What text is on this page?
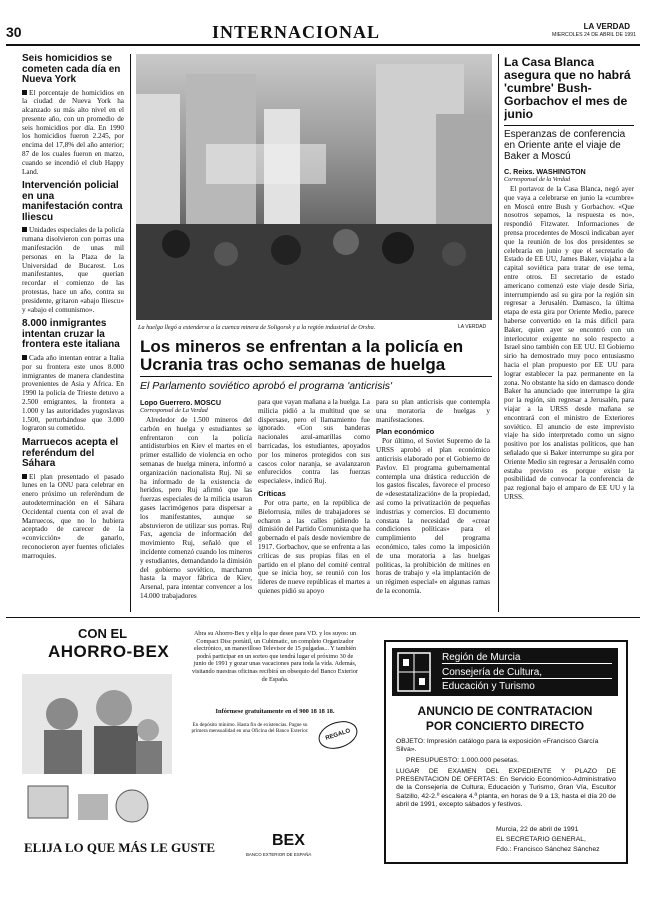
30	INTERNACIONAL	LA VERDAD
MIERCOLES 24 DE ABRIL DE 1991
Seis homicidios se cometen cada día en Nueva York

El porcentaje de homicidios en la ciudad de Nueva York ha alcanzado su más alto nivel en el presente año, con un promedio de seis homicidios por día. En 1990 los homicidios fueron 2.245, por encima del 17,8% del año anterior; 87 de los cuales fueron en marzo, cuando se incendió el club Happy Land.

Intervención policial en una manifestación contra Iliescu

Unidades especiales de la policía rumana disolvieron con porras una manifestación de unas mil personas en la Plaza de la Universidad de Bucarest. Los manifestantes, que querían recordar el comienzo de las protestas, hace un año, contra su presidente, gritaron «abajo Iliescu» y «abajo el comunismo».

8.000 inmigrantes intentan cruzar la frontera este italiana

Cada año intentan entrar a Italia por su frontera este unos 8.000 inmigrantes de manera clandestina provenientes de Asia y Africa. En 1990 la policía de Trieste detuvo a 2.500 emigrantes, la frontera a 1.000 y las autoridades yugoslavas 1.500, perturbándose que 3.000 lograron su cometido.

Marruecos acepta el referéndum del Sáhara

El plan presentado el pasado lunes en la ONU para celebrar en enero próximo un referéndum de autodeterminación en el Sáhara Occidental cuenta con el aval de Marruecos, que no lo hubiera aceptado de carecer de la «convicción» de ganarlo, reconocieron ayer fuentes oficiales marroquíes.

La huelga llegó a extenderse a la cuenca minera de Soligorsk y a la región industrial de Orsha.	LA VERDAD
Los mineros se enfrentan a la policía en Ucrania tras ocho semanas de huelga
El Parlamento soviético aprobó el programa 'anticrisis'
Lopo Guerrero. MOSCU
Corresponsal de La Verdad

Alrededor de 1.500 mineros del carbón en huelga y estudiantes se enfrentaron con la policía antidisturbios en Kiev el martes en el primer estallido de violencia en ocho semanas de huelga minera, informó a organización nacionalista Ruj. Ni se ha informado de la existencia de heridos, pero Ruj afirmó que las fuerzas especiales de la milicia usaron gases lacrimógenos para dispersar a los manifestantes, aunque se abstuvieron de utilizar sus porras. Ruj Fax, agencia de información del movimiento Ruj, señaló que el incidente comenzó cuando los mineros y estudiantes, demandando la dimisión del gobierno soviético, marcharon hasta la mayor fábrica de Kiev, Arsenal, para intentar convencer a los 14.000 trabajadores

para que vayan mañana a la huelga. La milicia pidió a la multitud que se dispersase, pero el llamamiento fue ignorado. «Con sus banderas nacionales azul-amarillas como barricadas, los estudiantes, apoyados por los mineros protegidos con sus cascos color naranja, se avalanzaron enfurecidos contra las fuerzas especiales», indicó Ruj.

Críticas

Por otra parte, en la república de Bielorrusia, miles de trabajadores se echaron a las calles pidiendo la dimisión del Partido Comunista que ha gobernado el país desde noviembre de 1917. Gorbachov, que se enfrenta a las críticas de sus propias filas en el partido en el plano del comité central que se inicia hoy, se reunió con los líderes de nueve repúblicas el martes a quienes pidió su apoyo

para su plan anticrisis que contempla una moratoria de huelgas y manifestaciones.

Plan económico

Por último, el Soviet Supremo de la URSS aprobó el plan económico anticrisis elaborado por el Gobierno de Pavlov. El programa gubernamental contempla una drástica reducción de los gastos fiscales, favorece el proceso de «desestatalización» de la propiedad, así como la privatización de pequeñas industrias y comercios. El documento constata la necesidad de «crear condiciones políticas» para el cumplimiento del programa económico, tales como la imposición de una moratoria a las huelgas políticas, la prohibición de mítines en horas de trabajo y «la implantación de un régimen especial» en algunas ramas de la economía.

La Casa Blanca asegura que no habrá 'cumbre' Bush-Gorbachov el mes de junio
Esperanzas de conferencia en Oriente ante el viaje de Baker a Moscú
C. Reixs. WASHINGTON
Corresponsal de la Verdad

El portavoz de la Casa Blanca, negó ayer que vaya a celebrarse en junio la «cumbre» en Moscú entre Bush y Gorbachov. «Que nosotros sepamos, la respuesta es no», respondió Fitzwater. Informaciones de prensa procedentes de Moscú indicaban ayer que la reunión de los dos presidentes se celebraría en junio y que el secretario de Estado de EE UU, James Baker, viajaba a la capital soviética para tratar de ese tema, entre otros. El secretario de estado americano comenzó este viaje desde Siria, interrumpiendo así su gira por la región sin regresar a Jerusalén. Damasco, la última etapa de esta gira por Oriente Medio, parece haberse convertido en la más difícil para Baker, quien ayer se encontró con un interlocutor exigente no solo respecto a Israel sino también con EE UU. El Gobierno sirio ha demostrado muy poco entusiasmo hacia el plan propuesto por EE UU para lograr establecer la paz permanente en la zona. No obstante ha sido en damasco donde Baker ha anunciado que interrumpe la gira por la región, sin regresar a Jerusalén, para viajar a la URSS desde mañana se encontrará con el ministro de Exteriores soviético. El anuncio de este imprevisto viaje ha sido interpretado como un signo positivo por los analistas políticos, que han señalado que si Baker interrumpe su gira por Oriente Medio sin regresar a Jerusalén como estaba previsto es porque existe la posibilidad de convocar la conferencia de paz regional bajo el amparo de EE UU y la URSS.

CON EL
AHORRO-BEX
Abra su Ahorro-Bex y elija lo que desee para VD. y los suyos: un Compact Disc portátil, un Cubimatic, un completo Organizador electrónico, un maravilloso Televisor de 15 pulgadas... Y también podrá participar en un sorteo que tendrá lugar el próximo 30 de junio de 1991 y gozar unas vacaciones para toda la vida. Además, visitando nuestras oficinas recibirá un obsequio del Banco Exterior de España.
Infórmese gratuitamente en el 900 18 18 18.
En depósito mínimo. Hasta fin de existencias. Pague su primera mensualidad en una Oficina del Banco Exterior.	REGALO
ELIJA LO QUE MÁS LE GUSTE	BEX
BANCO EXTERIOR DE ESPAÑA
Región de Murcia
Consejería de Cultura,
Educación y Turismo
ANUNCIO DE CONTRATACION
POR CONCIERTO DIRECTO
OBJETO: Impresión catálogo para la exposición «Francisco García Silva».
PRESUPUESTO: 1.000.000 pesetas.
LUGAR DE EXAMEN DEL EXPEDIENTE Y PLAZO DE PRESENTACION DE OFERTAS: En Servicio Económico-Administrativo de la Consejería de Cultura, Educación y Turismo, Gran Vía, Escultor Salzillo, 42-2.º escalera 4.ª planta, en horas de 9 a 13, hasta el día 20 de abril de 1991, excepto sábados y festivos.
Murcia, 22 de abril de 1991
EL SECRETARIO GENERAL,
Fdo.: Francisco Sánchez Sánchez
